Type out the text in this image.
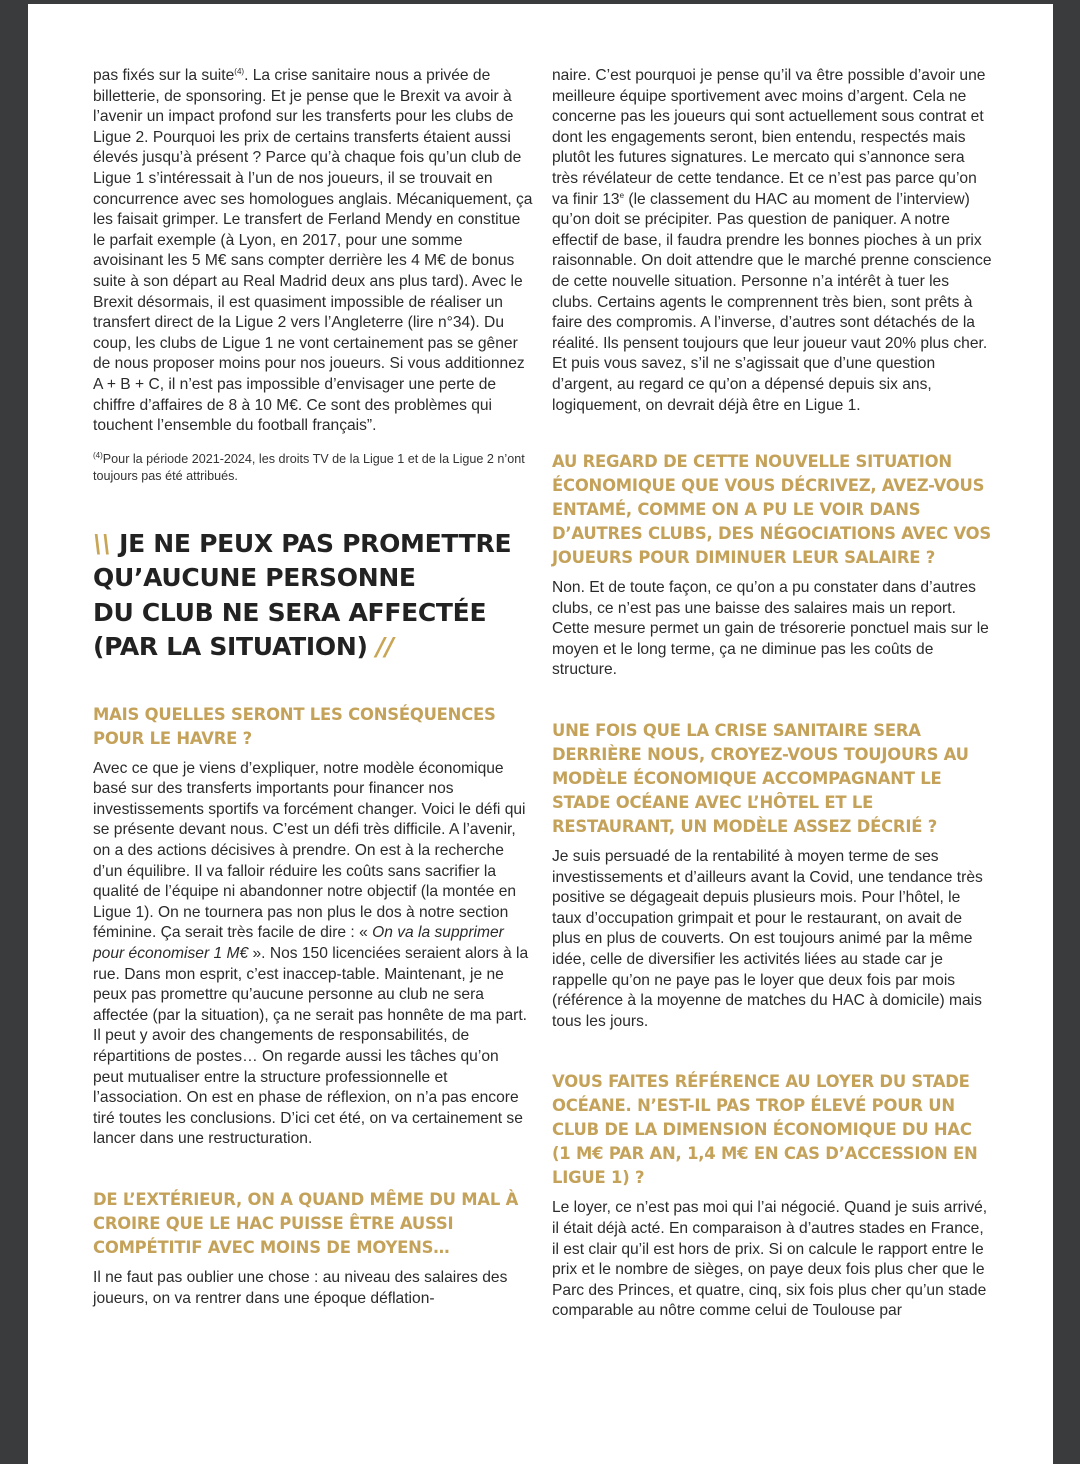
pas fixés sur la suite$^{(4)}$. La crise sanitaire nous a privée de billetterie, de sponsoring. Et je pense que le Brexit va avoir à l’avenir un impact profond sur les transferts pour les clubs de Ligue 2. Pourquoi les prix de certains transferts étaient aussi élevés jusqu’à présent ? Parce qu’à chaque fois qu’un club de Ligue 1 s’intéressait à l’un de nos joueurs, il se trouvait en concurrence avec ses homologues anglais. Mécaniquement, ça les faisait grimper. Le transfert de Ferland Mendy en constitue le parfait exemple (à Lyon, en 2017, pour une somme avoisinant les 5 M€ sans compter derrière les 4 M€ de bonus suite à son départ au Real Madrid deux ans plus tard). Avec le Brexit désormais, il est quasiment impossible de réaliser un transfert direct de la Ligue 2 vers l’Angleterre (lire n°34). Du coup, les clubs de Ligue 1 ne vont certainement pas se gêner de nous proposer moins pour nos joueurs. Si vous additionnez A + B + C, il n’est pas impossible d’envisager une perte de chiffre d’affaires de 8 à 10 M€. Ce sont des problèmes qui touchent l’ensemble du football français”.

$^{(4)}$Pour la période 2021-2024, les droits TV de la Ligue 1 et de la Ligue 2 n’ont toujours pas été attribués.

\\ JE NE PEUX PAS PROMETTRE
QU’AUCUNE PERSONNE
DU CLUB NE SERA AFFECTÉE
(PAR LA SITUATION) //
MAIS QUELLES SERONT LES CONSÉQUENCES POUR LE HAVRE ?

Avec ce que je viens d’expliquer, notre modèle économique basé sur des transferts importants pour financer nos investissements sportifs va forcément changer. Voici le défi qui se présente devant nous. C’est un défi très difficile. A l’avenir, on a des actions décisives à prendre. On est à la recherche d’un équilibre. Il va falloir réduire les coûts sans sacrifier la qualité de l’équipe ni abandonner notre objectif (la montée en Ligue 1). On ne tournera pas non plus le dos à notre section féminine. Ça serait très facile de dire : « On va la supprimer pour économiser 1 M€ ». Nos 150 licenciées seraient alors à la rue. Dans mon esprit, c’est inaccep-table. Maintenant, je ne peux pas promettre qu’aucune personne au club ne sera affectée (par la situation), ça ne serait pas honnête de ma part. Il peut y avoir des changements de responsabilités, de répartitions de postes… On regarde aussi les tâches qu’on peut mutualiser entre la structure professionnelle et l’association. On est en phase de réflexion, on n’a pas encore tiré toutes les conclusions. D’ici cet été, on va certainement se lancer dans une restructuration.

DE L’EXTÉRIEUR, ON A QUAND MÊME DU MAL À CROIRE QUE LE HAC PUISSE ÊTRE AUSSI COMPÉTITIF AVEC MOINS DE MOYENS…

Il ne faut pas oublier une chose : au niveau des salaires des joueurs, on va rentrer dans une époque déflation-

naire. C’est pourquoi je pense qu’il va être possible d’avoir une meilleure équipe sportivement avec moins d’argent. Cela ne concerne pas les joueurs qui sont actuellement sous contrat et dont les engagements seront, bien entendu, respectés mais plutôt les futures signatures. Le mercato qui s’annonce sera très révélateur de cette tendance. Et ce n’est pas parce qu’on va finir 13e (le classement du HAC au moment de l’interview) qu’on doit se précipiter. Pas question de paniquer. A notre effectif de base, il faudra prendre les bonnes pioches à un prix raisonnable. On doit attendre que le marché prenne conscience de cette nouvelle situation. Personne n’a intérêt à tuer les clubs. Certains agents le comprennent très bien, sont prêts à faire des compromis. A l’inverse, d’autres sont détachés de la réalité. Ils pensent toujours que leur joueur vaut 20% plus cher. Et puis vous savez, s’il ne s’agissait que d’une question d’argent, au regard ce qu’on a dépensé depuis six ans, logiquement, on devrait déjà être en Ligue 1.

AU REGARD DE CETTE NOUVELLE SITUATION ÉCONOMIQUE QUE VOUS DÉCRIVEZ, AVEZ-VOUS ENTAMÉ, COMME ON A PU LE VOIR DANS D’AUTRES CLUBS, DES NÉGOCIATIONS AVEC VOS JOUEURS POUR DIMINUER LEUR SALAIRE ?

Non. Et de toute façon, ce qu’on a pu constater dans d’autres clubs, ce n’est pas une baisse des salaires mais un report. Cette mesure permet un gain de trésorerie ponctuel mais sur le moyen et le long terme, ça ne diminue pas les coûts de structure.

UNE FOIS QUE LA CRISE SANITAIRE SERA DERRIÈRE NOUS, CROYEZ-VOUS TOUJOURS AU MODÈLE ÉCONOMIQUE ACCOMPAGNANT LE STADE OCÉANE AVEC L’HÔTEL ET LE RESTAURANT, UN MODÈLE ASSEZ DÉCRIÉ ?

Je suis persuadé de la rentabilité à moyen terme de ses investissements et d’ailleurs avant la Covid, une tendance très positive se dégageait depuis plusieurs mois. Pour l’hôtel, le taux d’occupation grimpait et pour le restaurant, on avait de plus en plus de couverts. On est toujours animé par la même idée, celle de diversifier les activités liées au stade car je rappelle qu’on ne paye pas le loyer que deux fois par mois (référence à la moyenne de matches du HAC à domicile) mais tous les jours.

VOUS FAITES RÉFÉRENCE AU LOYER DU STADE OCÉANE. N’EST-IL PAS TROP ÉLEVÉ POUR UN CLUB DE LA DIMENSION ÉCONOMIQUE DU HAC (1 M€ PAR AN, 1,4 M€ EN CAS D’ACCESSION EN LIGUE 1) ?

Le loyer, ce n’est pas moi qui l’ai négocié. Quand je suis arrivé, il était déjà acté. En comparaison à d’autres stades en France, il est clair qu’il est hors de prix. Si on calcule le rapport entre le prix et le nombre de sièges, on paye deux fois plus cher que le Parc des Princes, et quatre, cinq, six fois plus cher qu’un stade comparable au nôtre comme celui de Toulouse par
